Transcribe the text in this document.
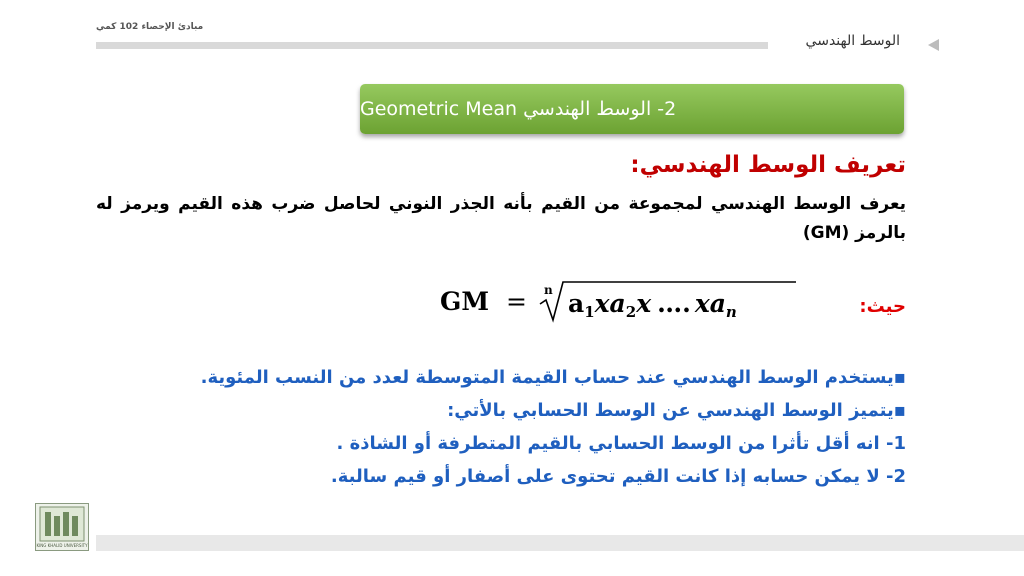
مبادئ الإحصاء 102 كمي
الوسط الهندسي
2- الوسط الهندسي Geometric Mean
تعريف الوسط الهندسي:
يعرف الوسط الهندسي لمجموعة من القيم بأنه الجذر النوني لحاصل ضرب هذه القيم ويرمز له بالرمز (GM)
GM = n $a_1xa_2x$ …. $xa_n$	حيث:
▪يستخدم الوسط الهندسي عند حساب القيمة المتوسطة لعدد من النسب المئوية.
▪يتميز الوسط الهندسي عن الوسط الحسابي بالأتي:
1- انه أقل تأثرا من الوسط الحسابي بالقيم المتطرفة أو الشاذة .
2- لا يمكن حسابه إذا كانت القيم تحتوى على أصفار أو قيم سالبة.
KING KHALID UNIVERSITY
